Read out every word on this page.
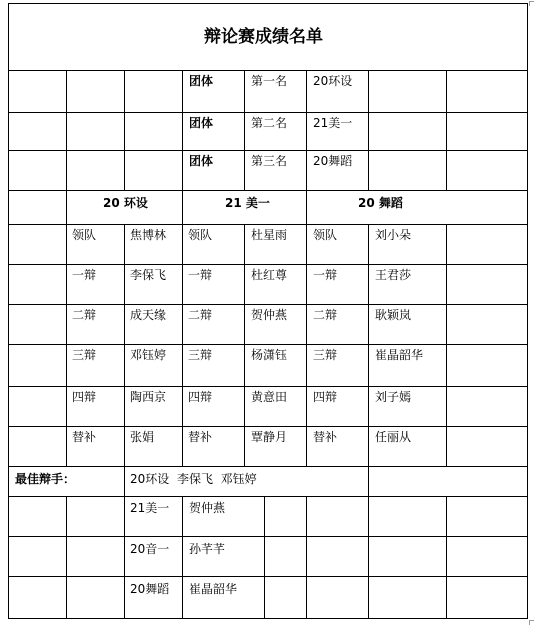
辩论赛成绩名单
团体	第一名 20环设
团体	第二名 21美一
团体	第三名 20舞蹈
20 环设	21 美一	20 舞蹈
领队	焦博林 领队	杜星雨 领队	刘小朵
一辩	李保飞 一辩	杜红尊 一辩	王君莎
二辩	成天缘 二辩	贺仲燕 二辩	耿颖岚
三辩	邓钰婷 三辩	杨潇钰 三辩	崔晶韶华
四辩	陶西京 四辩	黄意田 四辩	刘子嫣
替补	张娟	替补	覃静月 替补	任丽从
最佳辩手：	20环设 李保飞  邓钰婷
21美一 贺仲燕
20音一 孙芊芊
20舞蹈 崔晶韶华
